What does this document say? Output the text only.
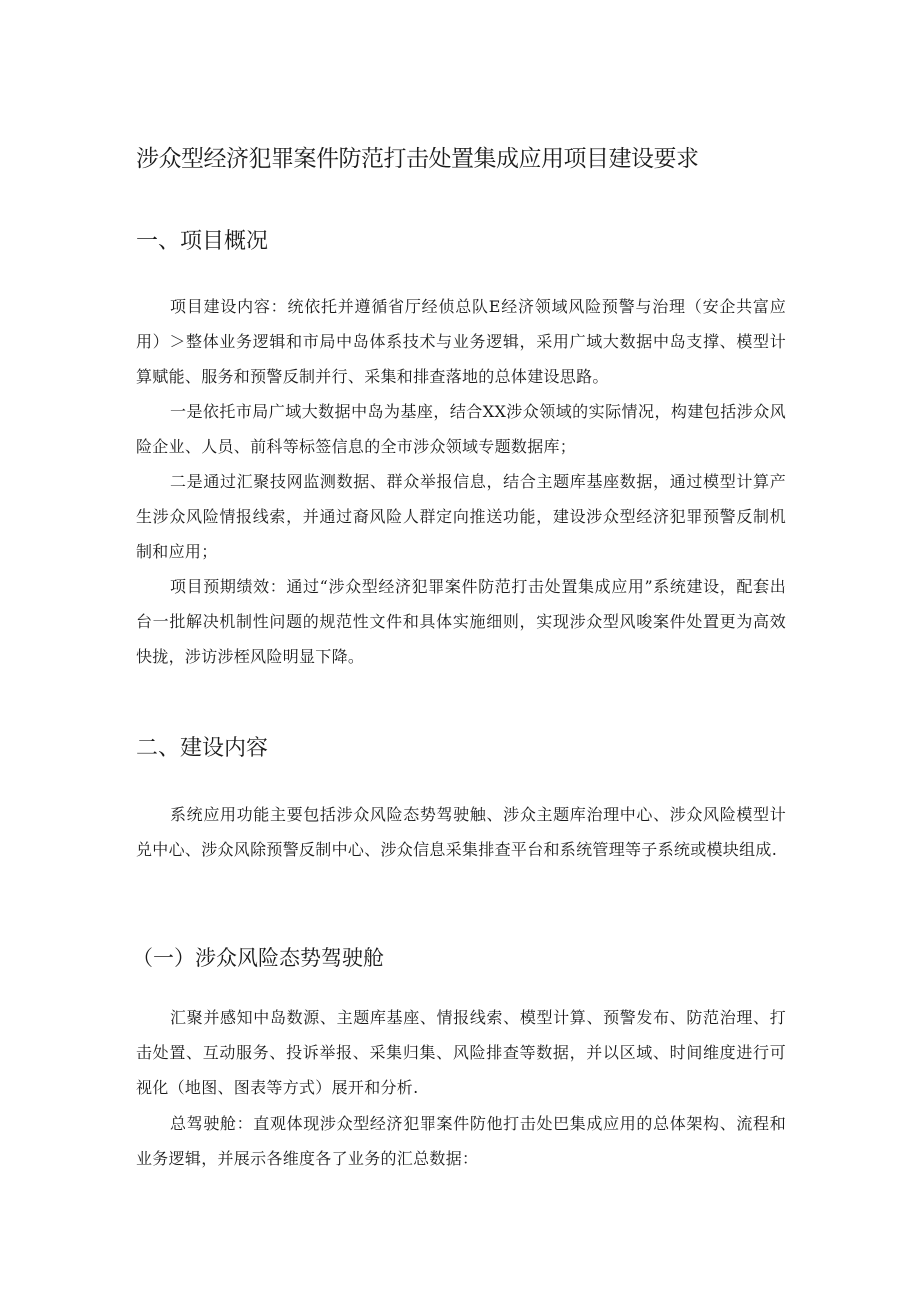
涉众型经济犯罪案件防范打击处置集成应用项目建设要求
一、项目概况

项目建设内容：统依托并遵循省厅经侦总队E经济领域风险预警与治理（安企共富应用）＞整体业务逻辑和市局中岛体系技术与业务逻辑，采用广域大数据中岛支撑、模型计算赋能、服务和预警反制并行、采集和排查落地的总体建设思路。

一是依托市局广域大数据中岛为基座，结合XX涉众领域的实际情况，构建包括涉众风险企业、人员、前科等标签信息的全市涉众领域专题数据库；

二是通过汇聚技网监测数据、群众举报信息，结合主题库基座数据，通过模型计算产生涉众风险情报线索，并通过裔风险人群定向推送功能，建设涉众型经济犯罪预警反制机制和应用；

项目预期绩效：通过“涉众型经济犯罪案件防范打击处置集成应用”系统建设，配套出台一批解决机制性问题的规范性文件和具体实施细则，实现涉众型风唆案件处置更为高效快拢，涉访涉桎风险明显下降。

二、建设内容

系统应用功能主要包括涉众风险态势驾驶触、涉众主题库治理中心、涉众风险模型计兑中心、涉众风除预警反制中心、涉众信息采集排查平台和系统管理等子系统或模块组成.

（一）涉众风险态势驾驶舱

汇聚并感知中岛数源、主题库基座、情报线索、模型计算、预警发布、防范治理、打击处置、互动服务、投诉举报、采集归集、风险排查等数据，并以区域、时间维度进行可视化（地图、图表等方式）展开和分析.

总驾驶舱：直观体现涉众型经济犯罪案件防他打击处巴集成应用的总体架构、流程和业务逻辑，并展示各维度各了业务的汇总数据：
